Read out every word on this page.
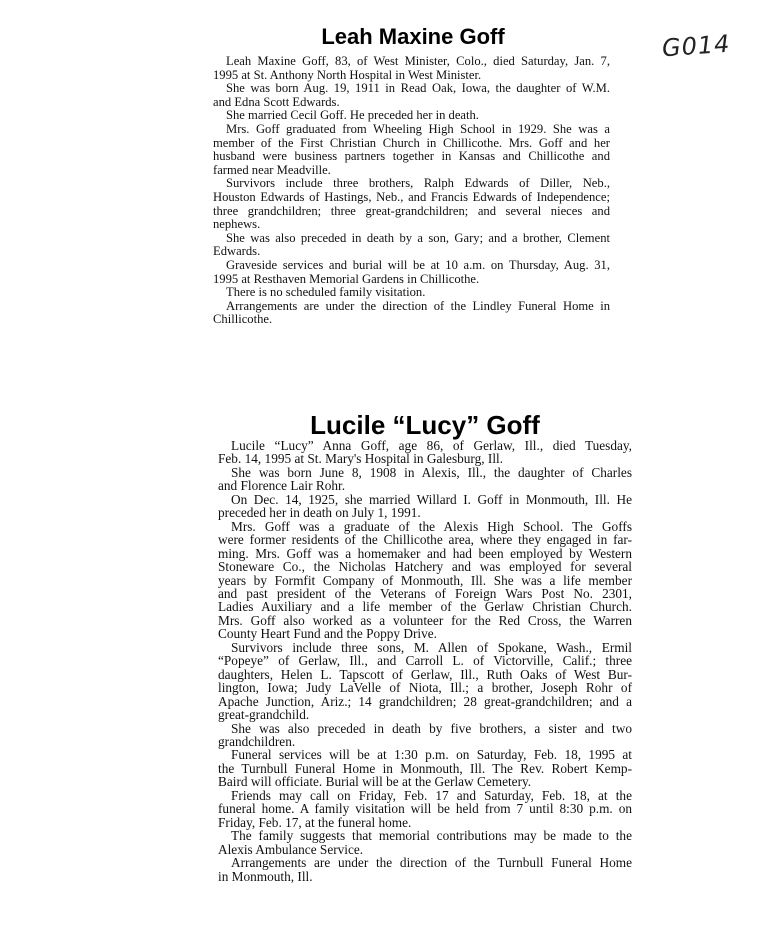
G014
Leah Maxine Goff
Leah Maxine Goff, 83, of West Minister, Colo., died Saturday, Jan. 7,
1995 at St. Anthony North Hospital in West Minister.
She was born Aug. 19, 1911 in Read Oak, Iowa, the daughter of W.M.
and Edna Scott Edwards.
She married Cecil Goff. He preceded her in death.
Mrs. Goff graduated from Wheeling High School in 1929. She was a
member of the First Christian Church in Chillicothe. Mrs. Goff and her
husband were business partners together in Kansas and Chillicothe and
farmed near Meadville.
Survivors include three brothers, Ralph Edwards of Diller, Neb.,
Houston Edwards of Hastings, Neb., and Francis Edwards of Independence;
three grandchildren; three great-grandchildren; and several nieces and
nephews.
She was also preceded in death by a son, Gary; and a brother, Clement
Edwards.
Graveside services and burial will be at 10 a.m. on Thursday, Aug. 31,
1995 at Resthaven Memorial Gardens in Chillicothe.
There is no scheduled family visitation.
Arrangements are under the direction of the Lindley Funeral Home in
Chillicothe.
Lucile “Lucy” Goff
Lucile “Lucy” Anna Goff, age 86, of Gerlaw, Ill., died Tuesday,
Feb. 14, 1995 at St. Mary's Hospital in Galesburg, Ill.
She was born June 8, 1908 in Alexis, Ill., the daughter of Charles
and Florence Lair Rohr.
On Dec. 14, 1925, she married Willard I. Goff in Monmouth, Ill. He
preceded her in death on July 1, 1991.
Mrs. Goff was a graduate of the Alexis High School. The Goffs
were former residents of the Chillicothe area, where they engaged in far-
ming. Mrs. Goff was a homemaker and had been employed by Western
Stoneware Co., the Nicholas Hatchery and was employed for several
years by Formfit Company of Monmouth, Ill. She was a life member
and past president of the Veterans of Foreign Wars Post No. 2301,
Ladies Auxiliary and a life member of the Gerlaw Christian Church.
Mrs. Goff also worked as a volunteer for the Red Cross, the Warren
County Heart Fund and the Poppy Drive.
Survivors include three sons, M. Allen of Spokane, Wash., Ermil
“Popeye” of Gerlaw, Ill., and Carroll L. of Victorville, Calif.; three
daughters, Helen L. Tapscott of Gerlaw, Ill., Ruth Oaks of West Bur-
lington, Iowa; Judy LaVelle of Niota, Ill.; a brother, Joseph Rohr of
Apache Junction, Ariz.; 14 grandchildren; 28 great-grandchildren; and a
great-grandchild.
She was also preceded in death by five brothers, a sister and two
grandchildren.
Funeral services will be at 1:30 p.m. on Saturday, Feb. 18, 1995 at
the Turnbull Funeral Home in Monmouth, Ill. The Rev. Robert Kemp-
Baird will officiate. Burial will be at the Gerlaw Cemetery.
Friends may call on Friday, Feb. 17 and Saturday, Feb. 18, at the
funeral home. A family visitation will be held from 7 until 8:30 p.m. on
Friday, Feb. 17, at the funeral home.
The family suggests that memorial contributions may be made to the
Alexis Ambulance Service.
Arrangements are under the direction of the Turnbull Funeral Home
in Monmouth, Ill.
